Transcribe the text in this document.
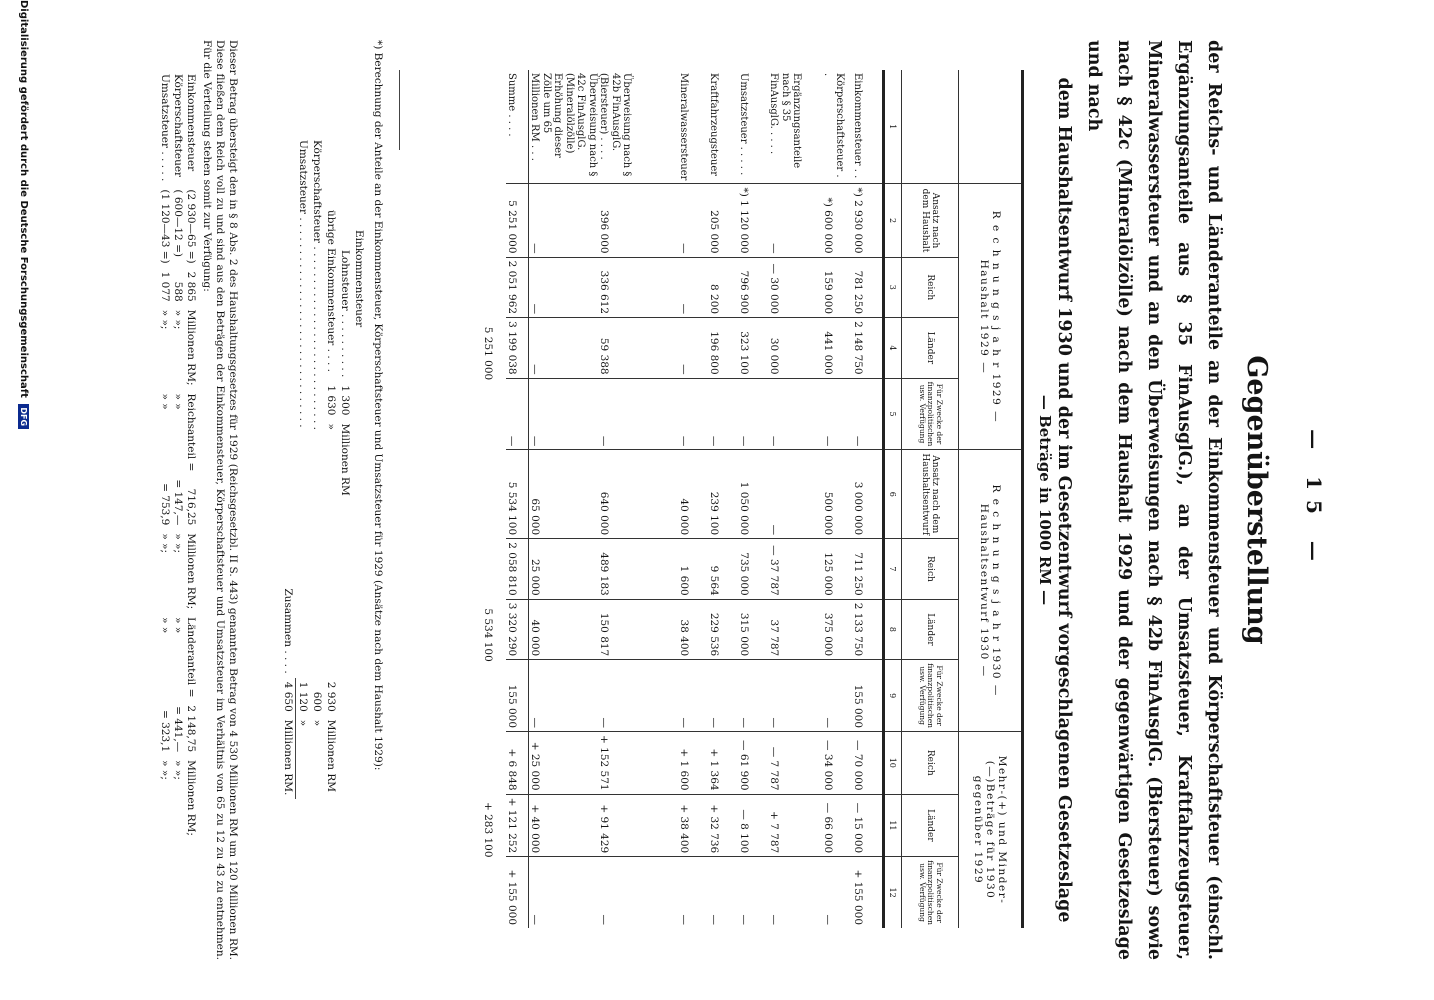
— 15 —
Gegenüberstellung
der Reichs- und Länderanteile an der Einkommensteuer und Körperschaftsteuer (einschl. Ergänzungsanteile aus § 35 FinAusglG.), an der Umsatzsteuer, Kraftfahrzeugsteuer, Mineralwassersteuer und an den Überweisungen nach § 42b FinAusglG. (Biersteuer) sowie nach § 42c (Mineralölzölle) nach dem Haushalt 1929 und der gegenwärtigen Gesetzeslage und nach
dem Haushaltsentwurf 1930 und der im Gesetzentwurf vorgeschlagenen Gesetzeslage
— Beträge in 1000 RM —
	R e c h n u n g s j a h r 1929 — Haushalt 1929 —				R e c h n u n g s j a h r 1930 — Haushaltsentwurf 1930 —				Mehr-(+) und Minder-(—)Beträge für 1930 gegenüber 1929		
	Ansatz nach dem Haushalt	Reich	Länder	Für Zwecke der finanzpolitischen usw. Verfügung	Ansatz nach dem Haushaltsentwurf	Reich	Länder	Für Zwecke der finanzpolitischen usw. Verfügung	Reich	Länder	Für Zwecke der finanzpolitischen usw. Verfügung
1	2	3	4	5	6	7	8	9	10	11	12
Einkommensteuer . .	*) 2 930 000	781 250	2 148 750	—	3 000 000	711 250	2 133 750	155 000	— 70 000	— 15 000	+ 155 000
Körperschaftsteuer . .	*) 600 000	159 000	441 000	—	500 000	125 000	375 000	—	— 34 000	— 66 000	—
Ergänzungsanteile nach § 35 FinAusglG. . . . .	—	— 30 000	30 000	—	—	— 37 787	37 787	—	— 7 787	+ 7 787	—
Umsatzsteuer . . . . .	*) 1 120 000	796 900	323 100	—	1 050 000	735 000	315 000	—	— 61 900	— 8 100	—
Kraftfahrzeugsteuer	205 000	8 200	196 800	—	239 100	9 564	229 536	—	+ 1 364	+ 32 736	—
Mineralwassersteuer	—	—	—	—	40 000	1 600	38 400	—	+ 1 600	+ 38 400	—
Überweisung nach § 42b FinAusglG. (Biersteuer) . . . .	396 000	336 612	59 388	—	640 000	489 183	150 817	—	+ 152 571	+ 91 429	—
Überweisung nach § 42c FinAusglG. (Mineralölzölle) Erhöhung dieser Zölle um 65 Millionen RM . . .	—	—	—	—	65 000	25 000	40 000	—	+ 25 000	+ 40 000	—
Summe . . . .	5 251 000	2 051 962	3 199 038	—	5 534 100	2 058 810	3 320 290	155 000	+ 6 848	+ 121 252	+ 155 000
		5 251 000				5 534 100			+ 283 100		
*) Berechnung der Anteile an der Einkommensteuer, Körperschaftsteuer und Umsatzsteuer für 1929 (Ansätze nach dem Haushalt 1929):
Einkommensteuer					
Lohnsteuer . . . . . . . . . .	1 300	Millionen RM			
übrige Einkommensteuer . . . .	1 630	»		2 930	Millionen RM
Körperschaftsteuer . . . . . . . . . . . . . . . . . . . . . . . . . . . .				600	»
Umsatzsteuer . . . . . . . . . . . . . . . . . . . . . . . . . . . . . . . .				1 120	»
Zusammen . . . .				4 650	Millionen RM.
Dieser Betrag übersteigt den in § 8 Abs. 2 des Haushaltungsgesetzes für 1929 (Reichsgesetzbl. II S. 443) genannten Betrag von 4 530 Millionen RM um 120 Millionen RM. Diese fließen dem Reich voll zu und sind aus den Beträgen der Einkommensteuer, Körperschaftsteuer und Umsatzsteuer im Verhältnis von 65 zu 12 zu 43 zu entnehmen. Für die Verteilung stehen somit zur Verfügung:
Einkommensteuer	(2 930—65 =)	2 865	Millionen RM;	Reichsanteil =	716,25	Millionen RM;	Länderanteil =	2 148,75	Millionen RM;
Körperschaftsteuer	( 600—12 =)	588	» »;	» »	= 147,—	» »;	» »	= 441,—	» »;
Umsatzsteuer . . . . .	(1 120—43 =)	1 077	» »;	» »	= 753,9	» »;	» »	= 323,1	» »;
Digitalisierung gefördert durch die Deutsche Forschungsgemeinschaft DFG
